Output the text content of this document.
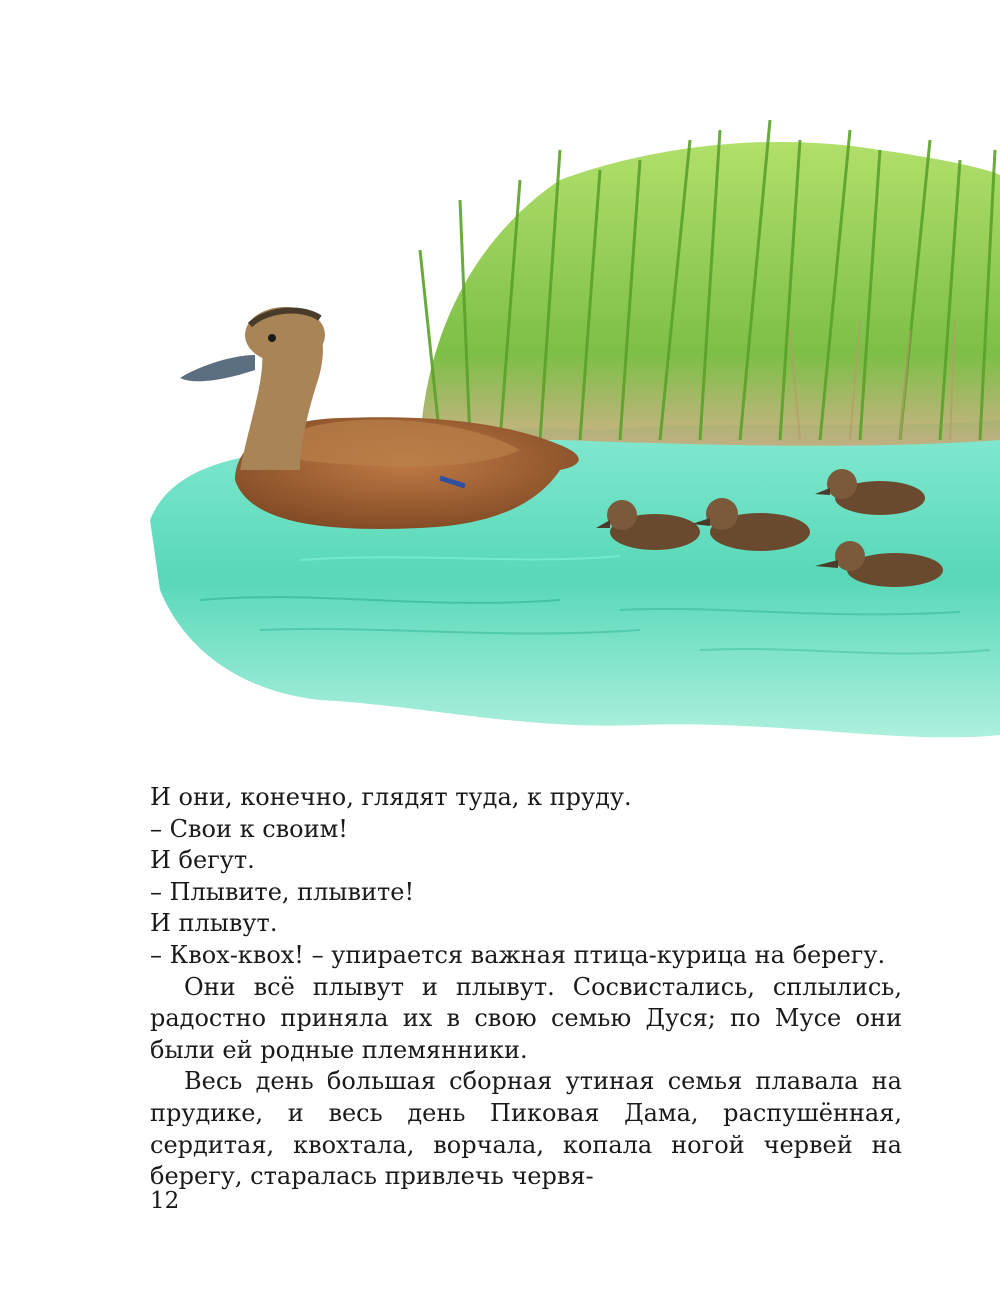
И они, конечно, глядят туда, к пруду.

– Свои к своим!

И бегут.

– Плывите, плывите!

И плывут.

– Квох-квох! – упирается важная птица-курица на берегу.

Они всё плывут и плывут. Сосвистались, сплылись, радостно приняла их в свою семью Дуся; по Мусе они были ей родные племянники.

Весь день большая сборная утиная семья плавала на прудике, и весь день Пиковая Дама, распушённая, сердитая, квохтала, ворчала, копала ногой червей на берегу, старалась привлечь червя-

12
